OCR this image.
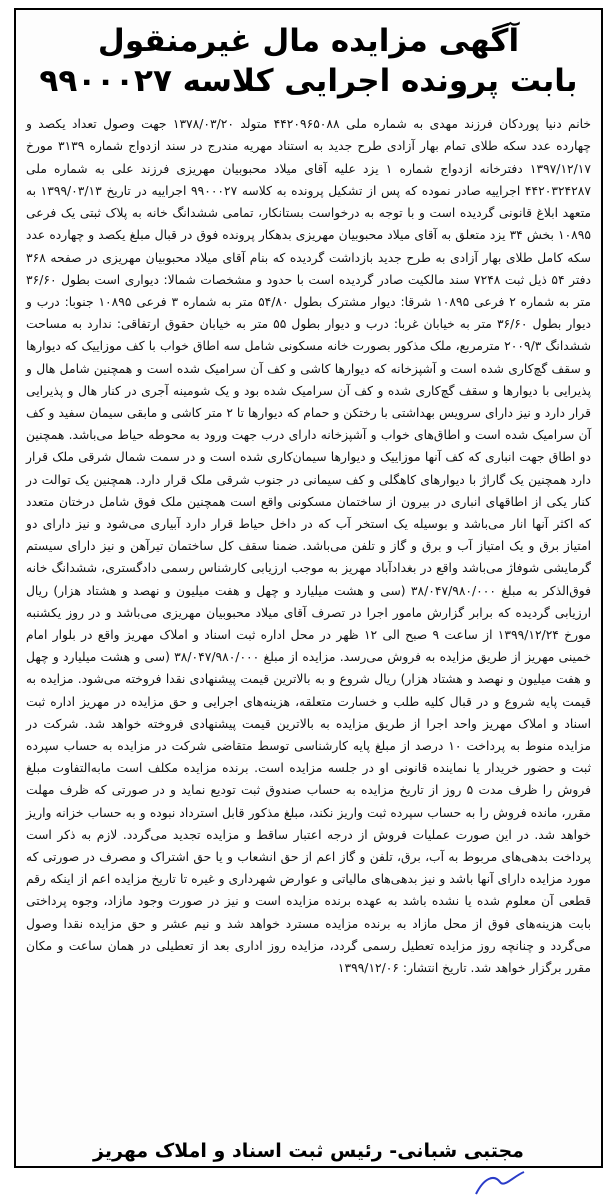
آگهی مزایده مال غیرمنقول
بابت پرونده اجرایی کلاسه ۹۹۰۰۰۲۷

خانم دنیا پوردکان فرزند مهدی به شماره ملی ۴۴۲۰۹۶۵۰۸۸ متولد ۱۳۷۸/۰۳/۲۰ جهت وصول تعداد یکصد و چهارده عدد سکه طلای تمام بهار آزادی طرح جدید به استناد مهریه مندرج در سند ازدواج شماره ۳۱۳۹ مورخ ۱۳۹۷/۱۲/۱۷ دفترخانه ازدواج شماره ۱ یزد علیه آقای میلاد محبوبیان مهریزی فرزند علی به شماره ملی ۴۴۲۰۳۲۴۲۸۷ اجراییه صادر نموده که پس از تشکیل پرونده به کلاسه ۹۹۰۰۰۲۷ اجراییه در تاریخ ۱۳۹۹/۰۳/۱۳ به متعهد ابلاغ قانونی گردیده است و با توجه به درخواست بستانکار، تمامی ششدانگ خانه به پلاک ثبتی یک فرعی ۱۰۸۹۵ بخش ۳۴ یزد متعلق به آقای میلاد محبوبیان مهریزی بدهکار پرونده فوق در قبال مبلغ یکصد و چهارده عدد سکه کامل طلای بهار آزادی به طرح جدید بازداشت گردیده که بنام آقای میلاد محبوبیان مهریزی در صفحه ۳۶۸ دفتر ۵۴ ذیل ثبت ۷۲۴۸ سند مالکیت صادر گردیده است با حدود و مشخصات شمالا: دیواری است بطول ۳۶/۶۰ متر به شماره ۲ فرعی ۱۰۸۹۵ شرقا: دیوار مشترک بطول ۵۴/۸۰ متر به شماره ۳ فرعی ۱۰۸۹۵ جنوبا: درب و دیوار بطول ۳۶/۶۰ متر به خیابان غربا: درب و دیوار بطول ۵۵ متر به خیابان حقوق ارتفاقی: ندارد به مساحت ششدانگ ۲۰۰۹/۳ مترمربع، ملک مذکور بصورت خانه مسکونی شامل سه اطاق خواب با کف موزاییک که دیوارها و سقف گچ‌کاری شده است و آشپزخانه که دیوارها کاشی و کف آن سرامیک شده است و همچنین شامل هال و پذیرایی با دیوارها و سقف گچ‌کاری شده و کف آن سرامیک شده بود و یک شومینه آجری در کنار هال و پذیرایی قرار دارد و نیز دارای سرویس بهداشتی با رختکن و حمام که دیوارها تا ۲ متر کاشی و مابقی سیمان سفید و کف آن سرامیک شده است و اطاق‌های خواب و آشپزخانه دارای درب جهت ورود به محوطه حیاط می‌باشد. همچنین دو اطاق جهت انباری که کف آنها موزاییک و دیوارها سیمان‌کاری شده است و در سمت شمال شرقی ملک قرار دارد همچنین یک گاراژ با دیوارهای کاهگلی و کف سیمانی در جنوب شرقی ملک قرار دارد. همچنین یک توالت در کنار یکی از اطاقهای انباری در بیرون از ساختمان مسکونی واقع است همچنین ملک فوق شامل درختان متعدد که اکثر آنها انار می‌باشد و بوسیله یک استخر آب که در داخل حیاط قرار دارد آبیاری می‌شود و نیز دارای دو امتیاز برق و یک امتیاز آب و برق و گاز و تلفن می‌باشد. ضمنا سقف کل ساختمان تیرآهن و نیز دارای سیستم گرمایشی شوفاژ می‌باشد واقع در بغدادآباد مهریز به موجب ارزیابی کارشناس رسمی دادگستری، ششدانگ خانه فوق‌الذکر به مبلغ ۳۸/۰۴۷/۹۸۰/۰۰۰ (سی و هشت میلیارد و چهل و هفت میلیون و نهصد و هشتاد هزار) ریال ارزیابی گردیده که برابر گزارش مامور اجرا در تصرف آقای میلاد محبوبیان مهریزی می‌باشد و در روز یکشنبه مورخ ۱۳۹۹/۱۲/۲۴ از ساعت ۹ صبح الی ۱۲ ظهر در محل اداره ثبت اسناد و املاک مهریز واقع در بلوار امام خمینی مهریز از طریق مزایده به فروش می‌رسد. مزایده از مبلغ ۳۸/۰۴۷/۹۸۰/۰۰۰ (سی و هشت میلیارد و چهل و هفت میلیون و نهصد و هشتاد هزار) ریال شروع و به بالاترین قیمت پیشنهادی نقدا فروخته می‌شود. مزایده به قیمت پایه شروع و در قبال کلیه طلب و خسارت متعلقه، هزینه‌های اجرایی و حق مزایده در مهریز اداره ثبت اسناد و املاک مهریز واحد اجرا از طریق مزایده به بالاترین قیمت پیشنهادی فروخته خواهد شد. شرکت در مزایده منوط به پرداخت ۱۰ درصد از مبلغ پایه کارشناسی توسط متقاضی شرکت در مزایده به حساب سپرده ثبت و حضور خریدار یا نماینده قانونی او در جلسه مزایده است. برنده مزایده مکلف است مابه‌التفاوت مبلغ فروش را ظرف مدت ۵ روز از تاریخ مزایده به حساب صندوق ثبت تودیع نماید و در صورتی که ظرف مهلت مقرر، مانده فروش را به حساب سپرده ثبت واریز نکند، مبلغ مذکور قابل استرداد نبوده و به حساب خزانه واریز خواهد شد. در این صورت عملیات فروش از درجه اعتبار ساقط و مزایده تجدید می‌گردد. لازم به ذکر است پرداخت بدهی‌های مربوط به آب، برق، تلفن و گاز اعم از حق انشعاب و یا حق اشتراک و مصرف در صورتی که مورد مزایده دارای آنها باشد و نیز بدهی‌های مالیاتی و عوارض شهرداری و غیره تا تاریخ مزایده اعم از اینکه رقم قطعی آن معلوم شده یا نشده باشد به عهده برنده مزایده است و نیز در صورت وجود مازاد، وجوه پرداختی بابت هزینه‌های فوق از محل مازاد به برنده مزایده مسترد خواهد شد و نیم عشر و حق مزایده نقدا وصول می‌گردد و چنانچه روز مزایده تعطیل رسمی گردد، مزایده روز اداری بعد از تعطیلی در همان ساعت و مکان مقرر برگزار خواهد شد. تاریخ انتشار: ۱۳۹۹/۱۲/۰۶

مجتبی شبانی- رئیس ثبت اسناد و املاک مهریز
